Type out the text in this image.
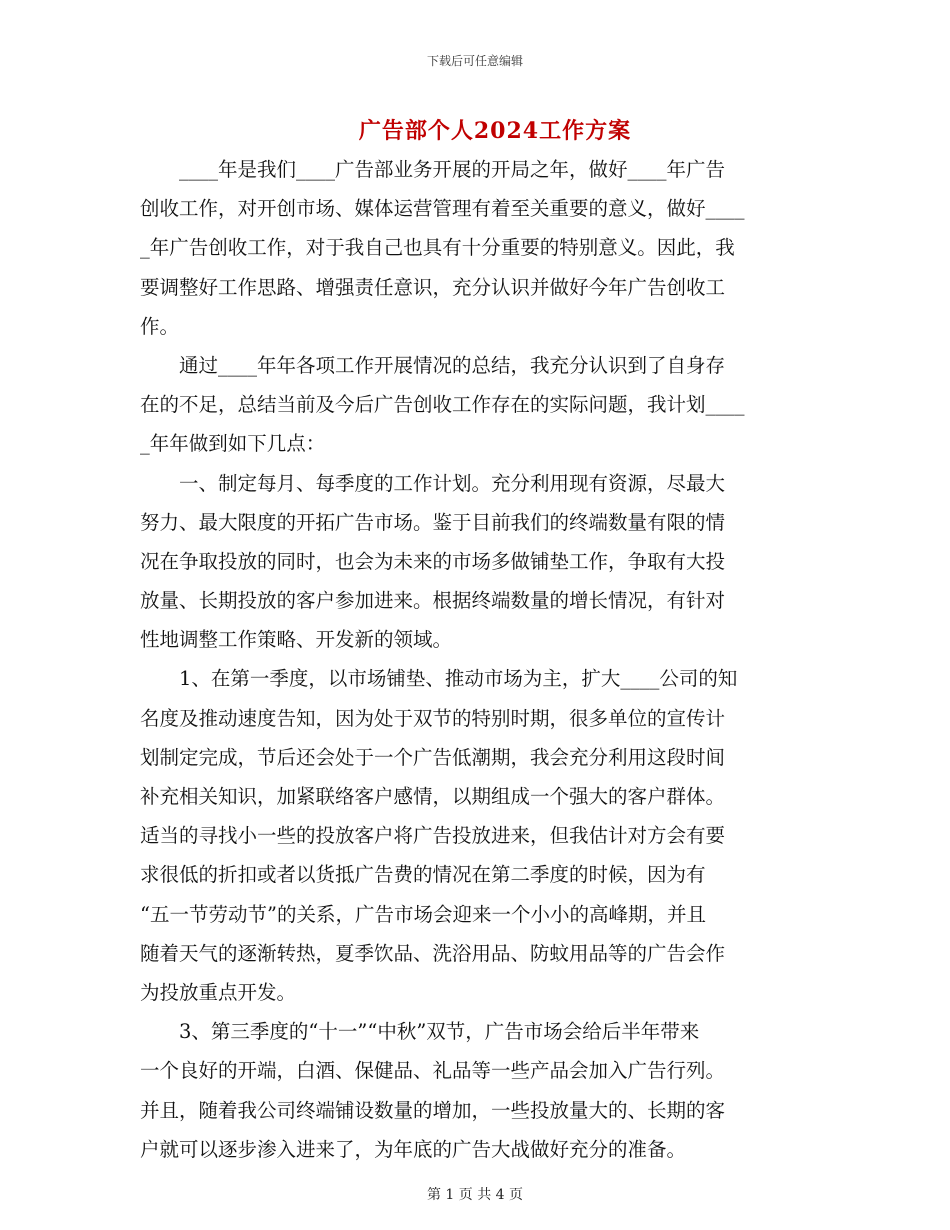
下载后可任意编辑
广告部个人2024工作方案
　　____年是我们____广告部业务开展的开局之年，做好____年广告
创收工作，对开创市场、媒体运营管理有着至关重要的意义，做好____
_年广告创收工作，对于我自己也具有十分重要的特别意义。因此，我
要调整好工作思路、增强责任意识，充分认识并做好今年广告创收工
作。
　　通过____年年各项工作开展情况的总结，我充分认识到了自身存
在的不足，总结当前及今后广告创收工作存在的实际问题，我计划____
_年年做到如下几点：
　　一、制定每月、每季度的工作计划。充分利用现有资源，尽最大
努力、最大限度的开拓广告市场。鉴于目前我们的终端数量有限的情
况在争取投放的同时，也会为未来的市场多做铺垫工作，争取有大投
放量、长期投放的客户参加进来。根据终端数量的增长情况，有针对
性地调整工作策略、开发新的领域。
　　1、在第一季度，以市场铺垫、推动市场为主，扩大____公司的知
名度及推动速度告知，因为处于双节的特别时期，很多单位的宣传计
划制定完成，节后还会处于一个广告低潮期，我会充分利用这段时间
补充相关知识，加紧联络客户感情，以期组成一个强大的客户群体。
适当的寻找小一些的投放客户将广告投放进来，但我估计对方会有要
求很低的折扣或者以货抵广告费的情况在第二季度的时候，因为有
“五一节劳动节”的关系，广告市场会迎来一个小小的高峰期，并且
随着天气的逐渐转热，夏季饮品、洗浴用品、防蚊用品等的广告会作
为投放重点开发。
　　3、第三季度的“十一”“中秋”双节，广告市场会给后半年带来
一个良好的开端，白酒、保健品、礼品等一些产品会加入广告行列。
并且，随着我公司终端铺设数量的增加，一些投放量大的、长期的客
户就可以逐步渗入进来了，为年底的广告大战做好充分的准备。
第 1 页 共 4 页
